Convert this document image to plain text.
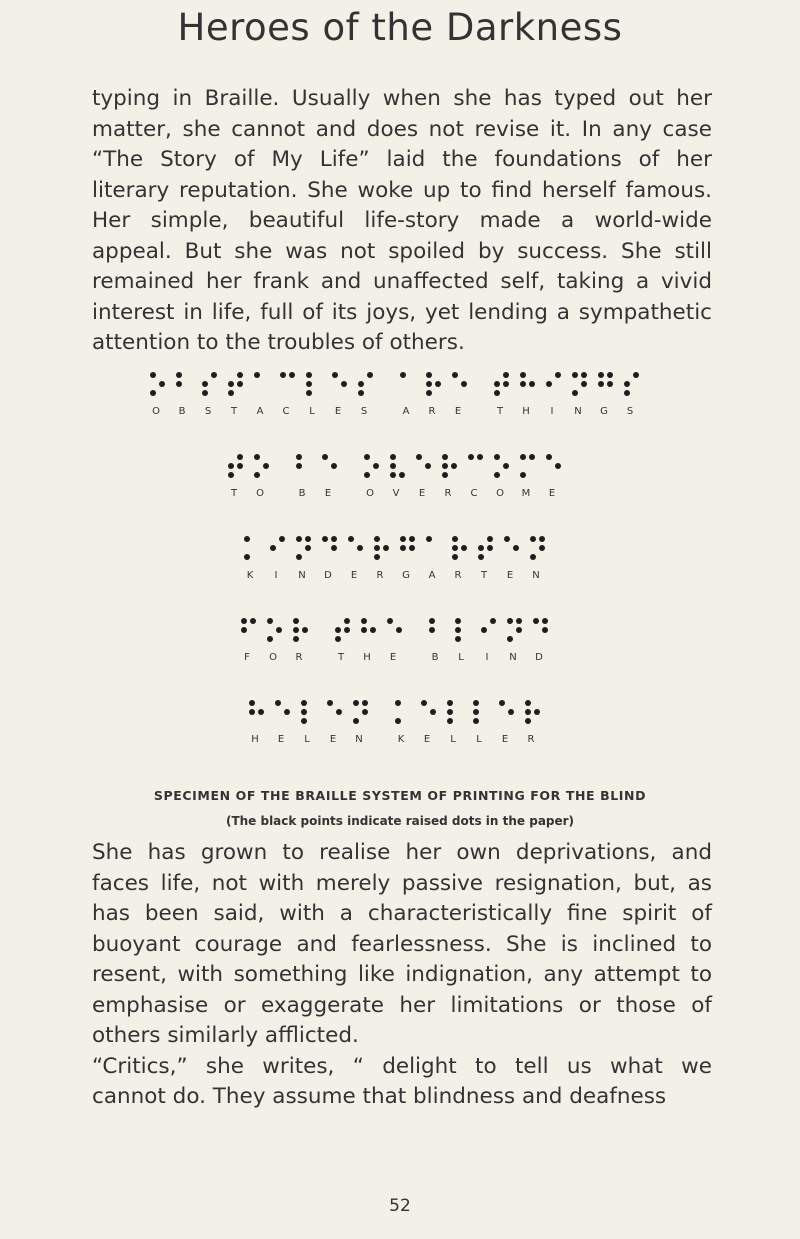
Heroes of the Darkness
typing in Braille. Usually when she has typed out her
matter, she cannot and does not revise it. In any case
“The Story of My Life” laid the foundations of her
literary reputation. She woke up to find herself famous.
Her simple, beautiful life-story made a world-wide
appeal. But she was not spoiled by success. She still
remained her frank and unaffected self, taking a vivid
interest in life, full of its joys, yet lending a sympathetic
attention to the troubles of others.
O	B	S	T	A	C	L	E	S	A	R	E	T	H	I	N	G	S
T	O	B	E	O	V	E	R	C	O	M	E
K	I	N	D	E	R	G	A	R	T	E	N
F	O	R	T	H	E	B	L	I	N	D
H	E	L	E	N	K	E	L	L	E	R
SPECIMEN OF THE BRAILLE SYSTEM OF PRINTING FOR THE BLIND
(The black points indicate raised dots in the paper)
She has grown to realise her own deprivations, and
faces life, not with merely passive resignation, but, as
has been said, with a characteristically fine spirit of
buoyant courage and fearlessness. She is inclined to
resent, with something like indignation, any attempt to
emphasise or exaggerate her limitations or those of
others similarly afflicted.
“Critics,” she writes, “ delight to tell us what we
cannot do. They assume that blindness and deafness
52
